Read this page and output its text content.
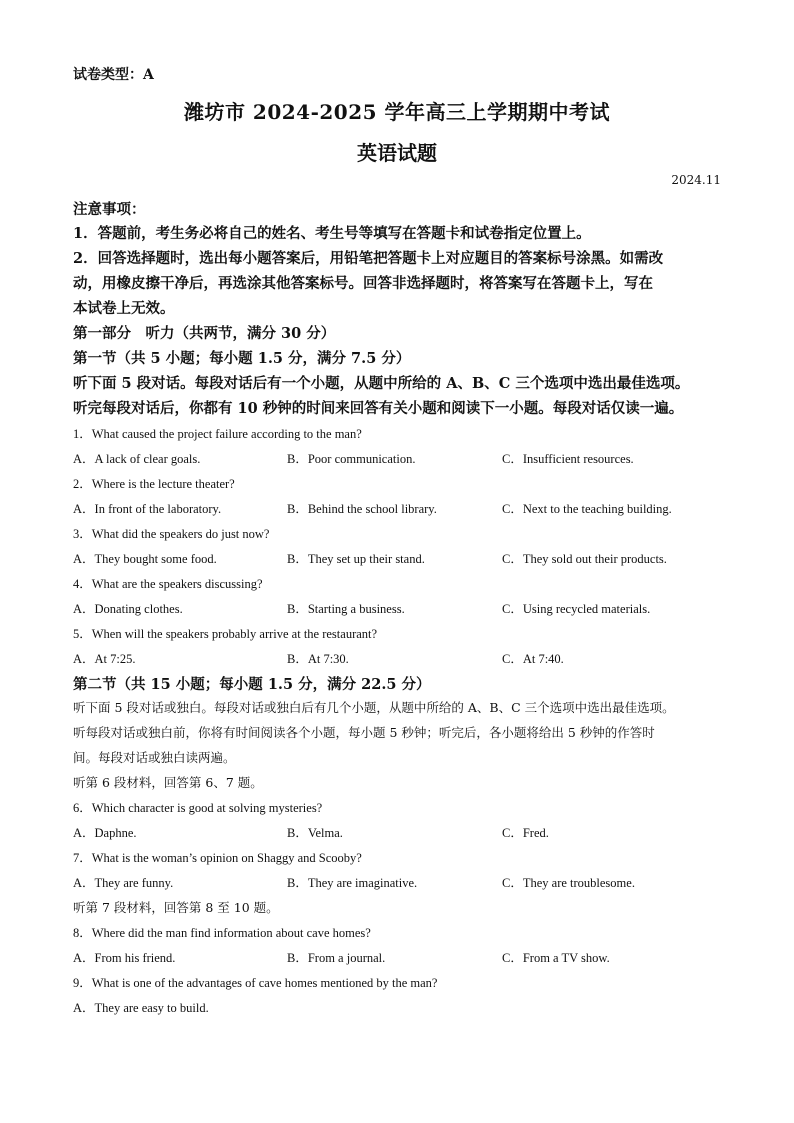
试卷类型：A
潍坊市 2024-2025 学年高三上学期期中考试
英语试题
2024.11
注意事项：
1．答题前，考生务必将自己的姓名、考生号等填写在答题卡和试卷指定位置上。
2．回答选择题时，选出每小题答案后，用铅笔把答题卡上对应题目的答案标号涂黑。如需改
动，用橡皮擦干净后，再选涂其他答案标号。回答非选择题时，将答案写在答题卡上，写在
本试卷上无效。
第一部分　听力（共两节，满分 30 分）
第一节（共 5 小题；每小题 1.5 分，满分 7.5 分）
听下面 5 段对话。每段对话后有一个小题，从题中所给的 A、B、C 三个选项中选出最佳选项。
听完每段对话后，你都有 10 秒钟的时间来回答有关小题和阅读下一小题。每段对话仅读一遍。
1．What caused the project failure according to the man?
A．A lack of clear goals.	B．Poor communication.	C．Insufficient resources.
2．Where is the lecture theater?
A．In front of the laboratory.	B．Behind the school library.	C．Next to the teaching building.
3．What did the speakers do just now?
A．They bought some food.	B．They set up their stand.	C．They sold out their products.
4．What are the speakers discussing?
A．Donating clothes.	B．Starting a business.	C．Using recycled materials.
5．When will the speakers probably arrive at the restaurant?
A．At 7:25.	B．At 7:30.	C．At 7:40.
第二节（共 15 小题；每小题 1.5 分，满分 22.5 分）
听下面 5 段对话或独白。每段对话或独白后有几个小题，从题中所给的 A、B、C 三个选项中选出最佳选项。
听每段对话或独白前，你将有时间阅读各个小题，每小题 5 秒钟；听完后，各小题将给出 5 秒钟的作答时
间。每段对话或独白读两遍。
听第 6 段材料，回答第 6、7 题。
6．Which character is good at solving mysteries?
A．Daphne.	B．Velma.	C．Fred.
7．What is the woman’s opinion on Shaggy and Scooby?
A．They are funny.	B．They are imaginative.	C．They are troublesome.
听第 7 段材料，回答第 8 至 10 题。
8．Where did the man find information about cave homes?
A．From his friend.	B．From a journal.	C．From a TV show.
9．What is one of the advantages of cave homes mentioned by the man?
A．They are easy to build.
